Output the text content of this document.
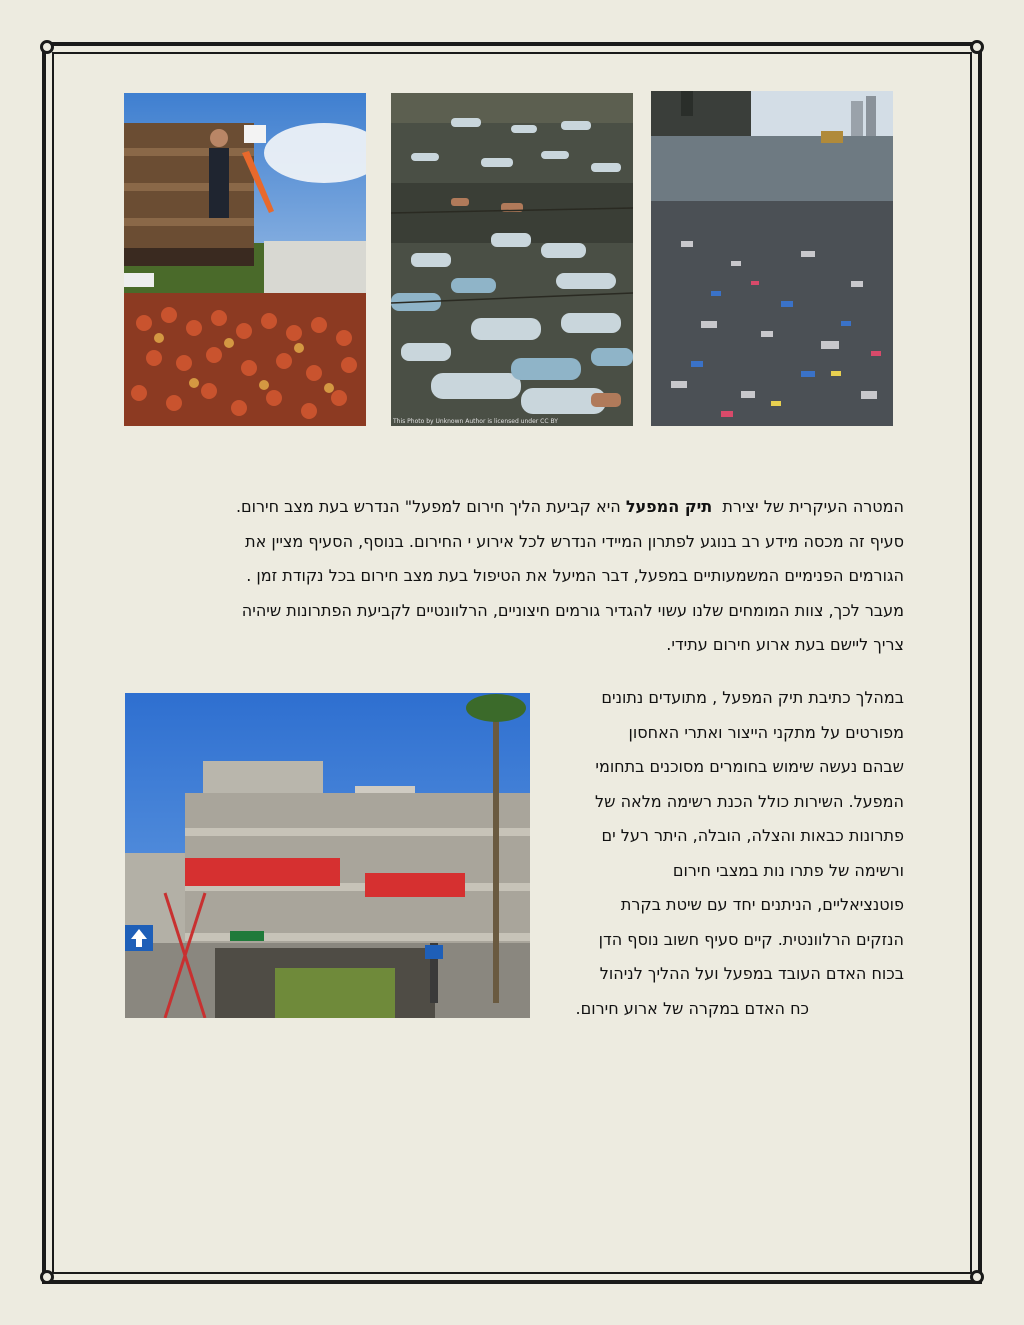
This Photo by Unknown Author is licensed under CC BY
המטרה העיקרית של יצירת  תיק המפעל היא קביעת הליך חירום למפעל" הנדרש בעת מצב חירום.
סעיף זה מכסה מידע רב בנוגע לפתרון המיידי הנדרש לכל אירוע י החירום. בנוסף, הסעיף מציין את
הגורמים הפנימיים המשמעותיים במפעל, דבר המיעל את הטיפול בעת מצב חירום בכל נקודת זמן .
מעבר לכך, צוות המומחים שלנו עשוי להגדיר גורמים חיצוניים, הרלוונטיים לקביעת הפתרונות שיהיה
צריך ליישם בעת ארוע חירום עתידי.
במהלך כתיבת תיק המפעל , מתועדים נתונים
מפורטים על מתקני הייצור ואתרי האחסון
שבהם נעשה שימוש בחומרים מסוכנים בתחומי
המפעל. השירות כולל הכנת רשימה מלאה של
פתרונות כבאות והצלה, הובלה, היתר רעל ים
ורשימה של פתרו נות במצבי חירום
פוטנציאליים, הניתנים יחד עם שיטת בקרת
הנזקים הרלוונטית. קיים סעיף חשוב נוסף הדן
בכוח האדם העובד במפעל ועל ההליך לניהול
כח האדם במקרה של ארוע חירום.
